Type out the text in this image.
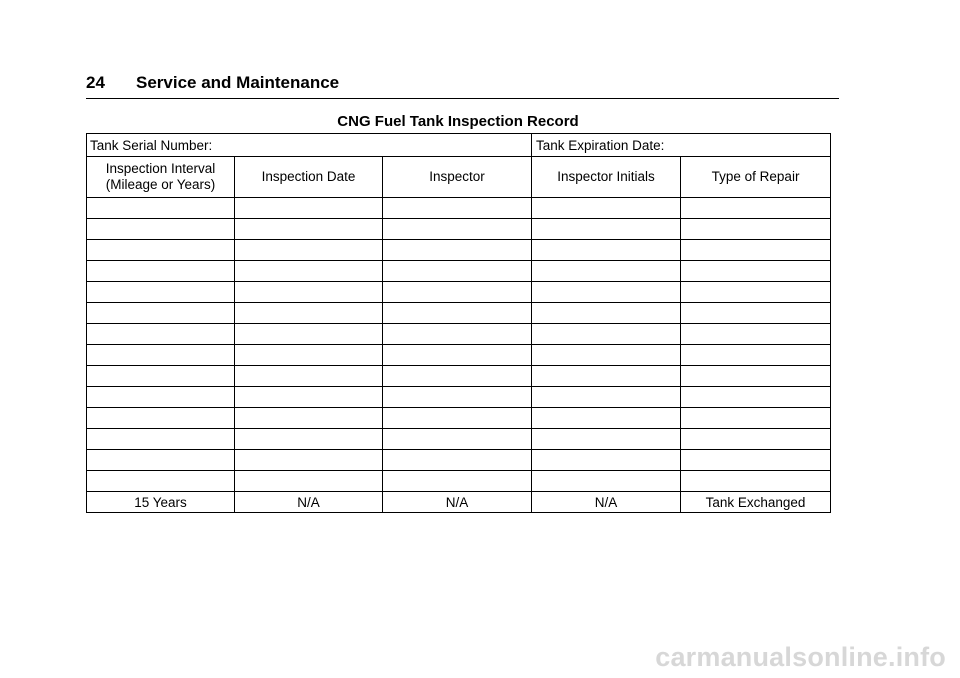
24 Service and Maintenance
CNG Fuel Tank Inspection Record
Tank Serial Number:			Tank Expiration Date:	

Inspection Interval
(Mileage or Years)	Inspection Date	Inspector	Inspector Initials	Type of Repair

15 Years	N/A	N/A	N/A	Tank Exchanged
carmanualsonline.info
